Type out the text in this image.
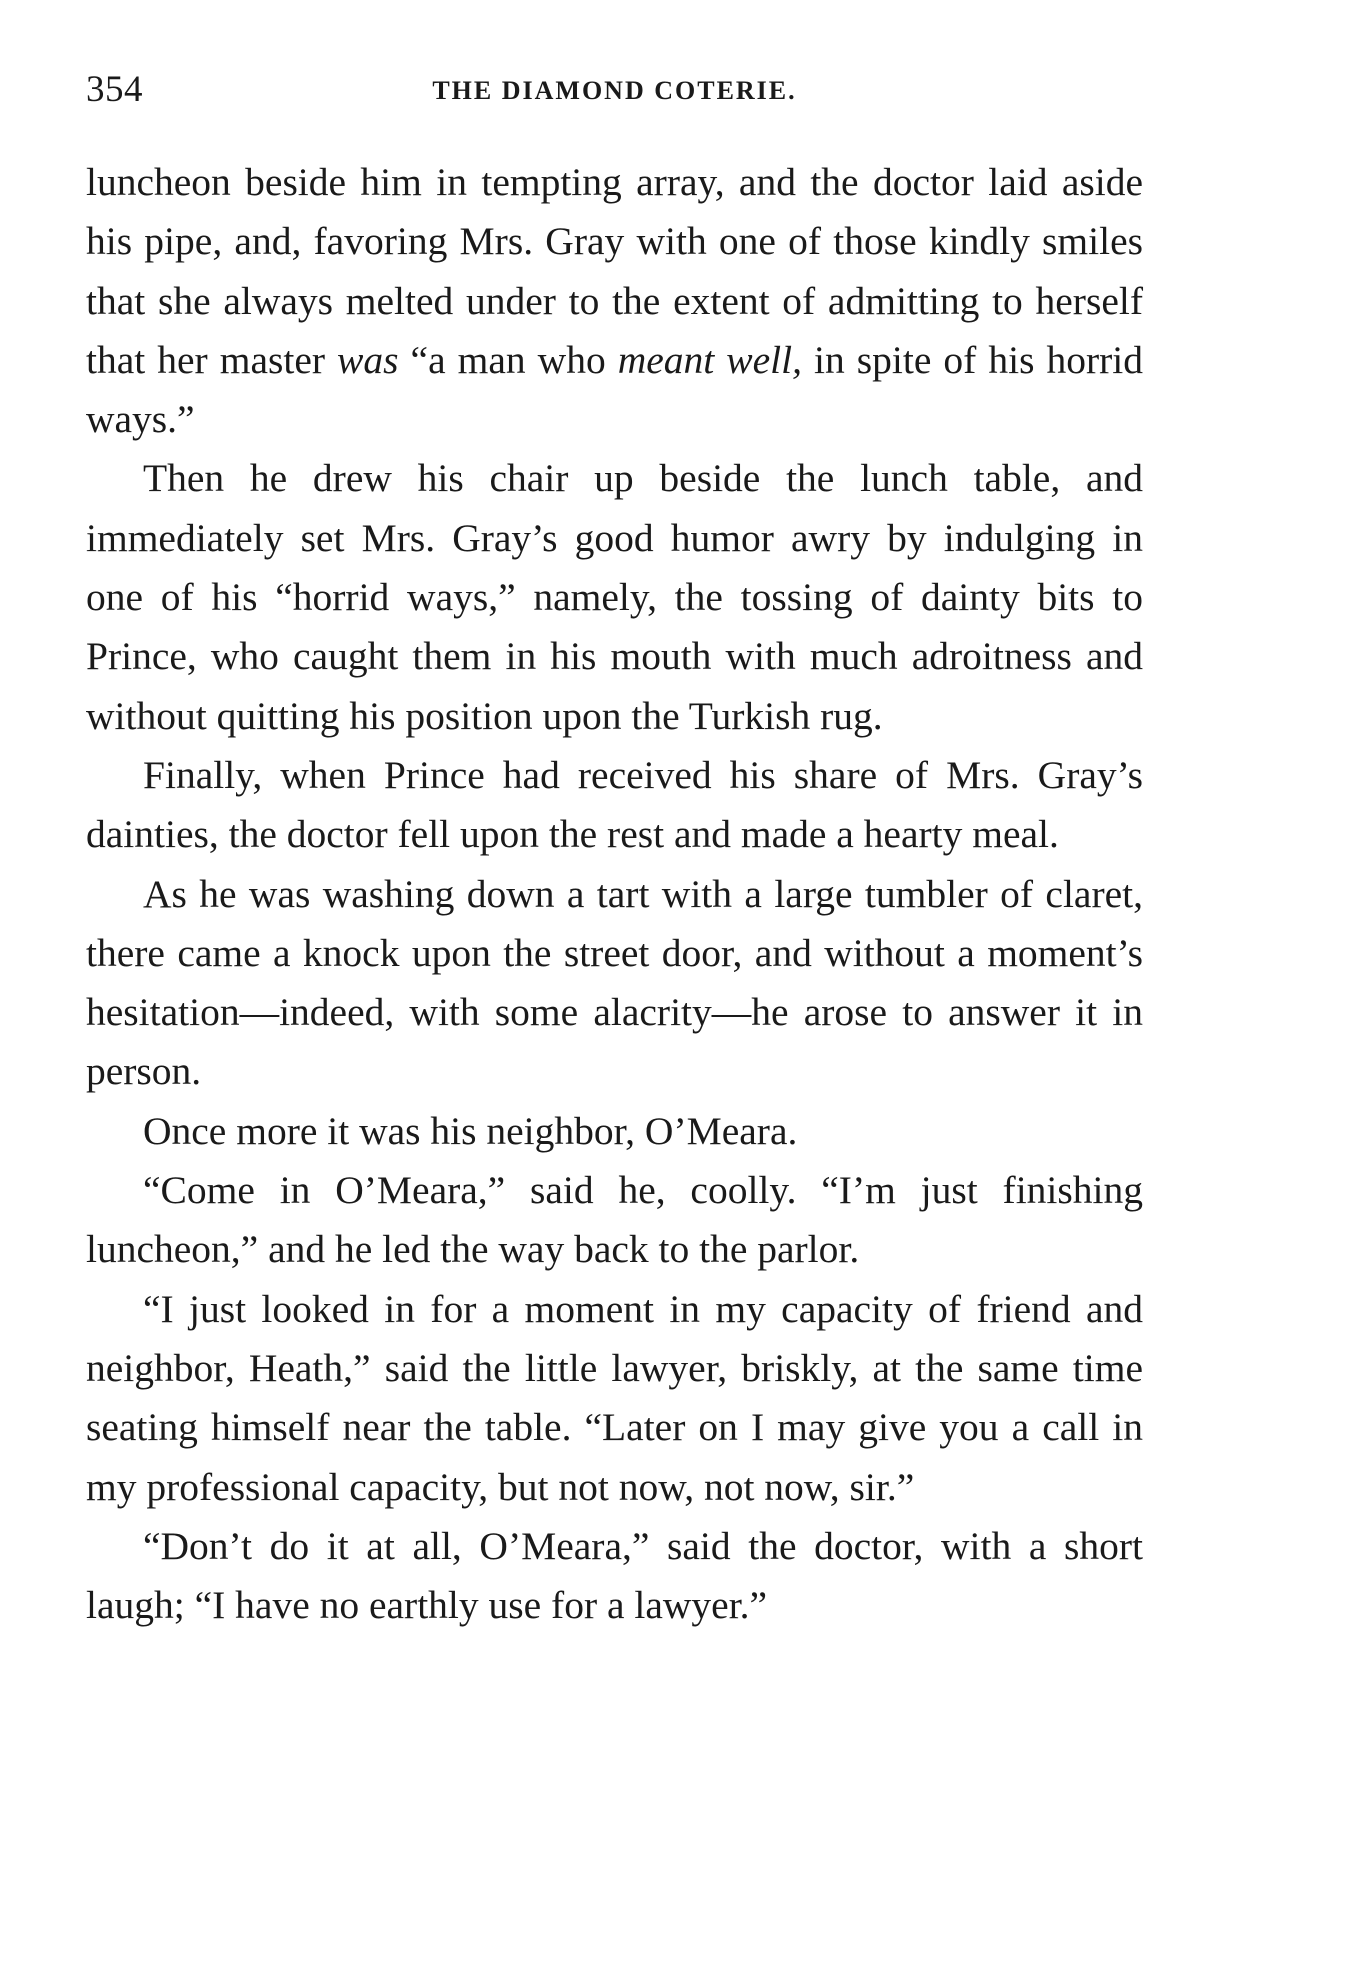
354	THE DIAMOND COTERIE.

luncheon beside him in tempting array, and the doctor laid aside his pipe, and, favoring Mrs. Gray with one of those kindly smiles that she always melted under to the extent of admitting to herself that her master was “a man who meant well, in spite of his horrid ways.”

Then he drew his chair up beside the lunch table, and immediately set Mrs. Gray’s good humor awry by indulging in one of his “horrid ways,” namely, the tossing of dainty bits to Prince, who caught them in his mouth with much adroitness and without quitting his position upon the Turkish rug.

Finally, when Prince had received his share of Mrs. Gray’s dainties, the doctor fell upon the rest and made a hearty meal.

As he was washing down a tart with a large tumbler of claret, there came a knock upon the street door, and without a moment’s hesitation—indeed, with some alacrity—he arose to answer it in person.

Once more it was his neighbor, O’Meara.

“Come in O’Meara,” said he, coolly. “I’m just finishing luncheon,” and he led the way back to the parlor.

“I just looked in for a moment in my capacity of friend and neighbor, Heath,” said the little lawyer, briskly, at the same time seating himself near the table. “Later on I may give you a call in my professional capacity, but not now, not now, sir.”

“Don’t do it at all, O’Meara,” said the doctor, with a short laugh; “I have no earthly use for a lawyer.”
